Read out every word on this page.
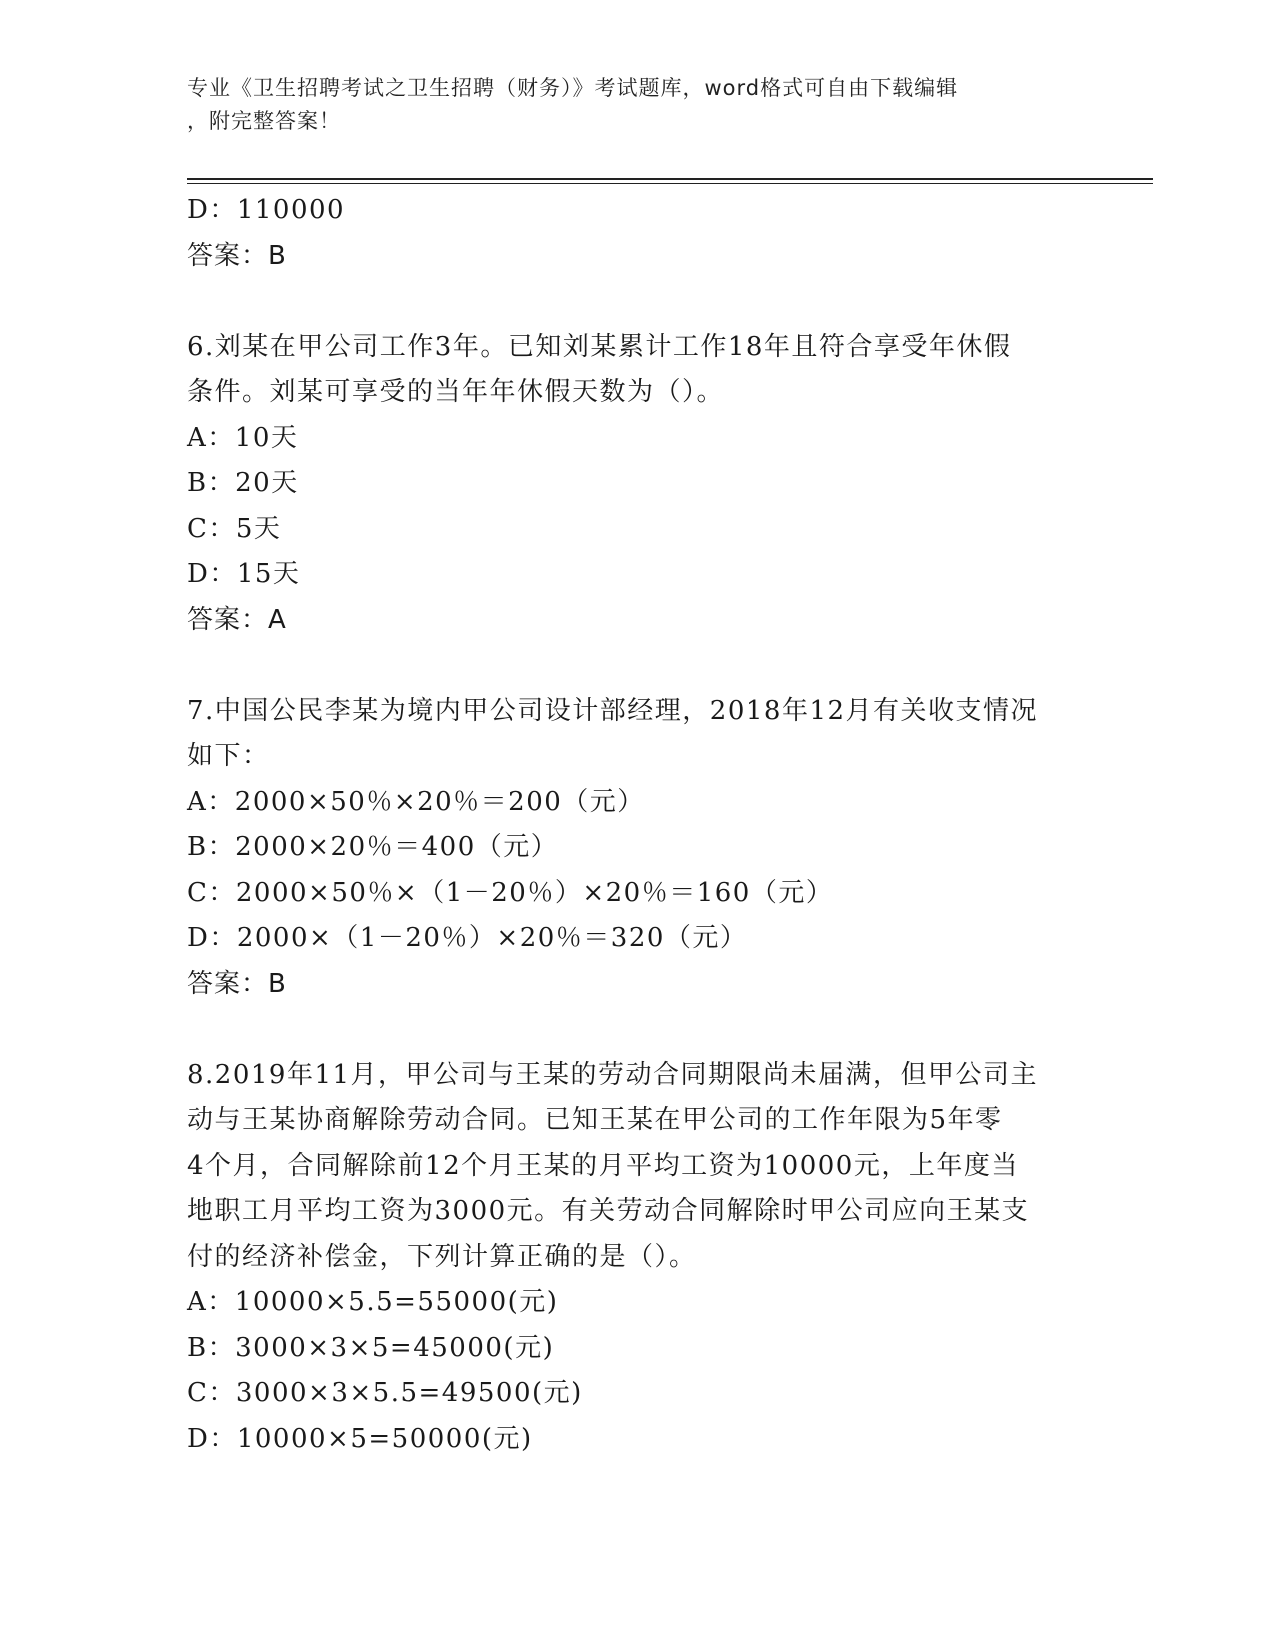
专业《卫生招聘考试之卫生招聘（财务）》考试题库，word格式可自由下载编辑
，附完整答案！
D：110000
答案：B
6.刘某在甲公司工作3年。已知刘某累计工作18年且符合享受年休假
条件。刘某可享受的当年年休假天数为（）。
A：10天
B：20天
C：5天
D：15天
答案：A
7.中国公民李某为境内甲公司设计部经理，2018年12月有关收支情况
如下：
A：2000×50％×20％＝200（元）
B：2000×20％＝400（元）
C：2000×50％×（1－20％）×20％＝160（元）
D：2000×（1－20％）×20％＝320（元）
答案：B
8.2019年11月，甲公司与王某的劳动合同期限尚未届满，但甲公司主
动与王某协商解除劳动合同。已知王某在甲公司的工作年限为5年零
4个月，合同解除前12个月王某的月平均工资为10000元，上年度当
地职工月平均工资为3000元。有关劳动合同解除时甲公司应向王某支
付的经济补偿金，下列计算正确的是（）。
A：10000×5.5=55000(元)
B：3000×3×5=45000(元)
C：3000×3×5.5=49500(元)
D：10000×5=50000(元)
